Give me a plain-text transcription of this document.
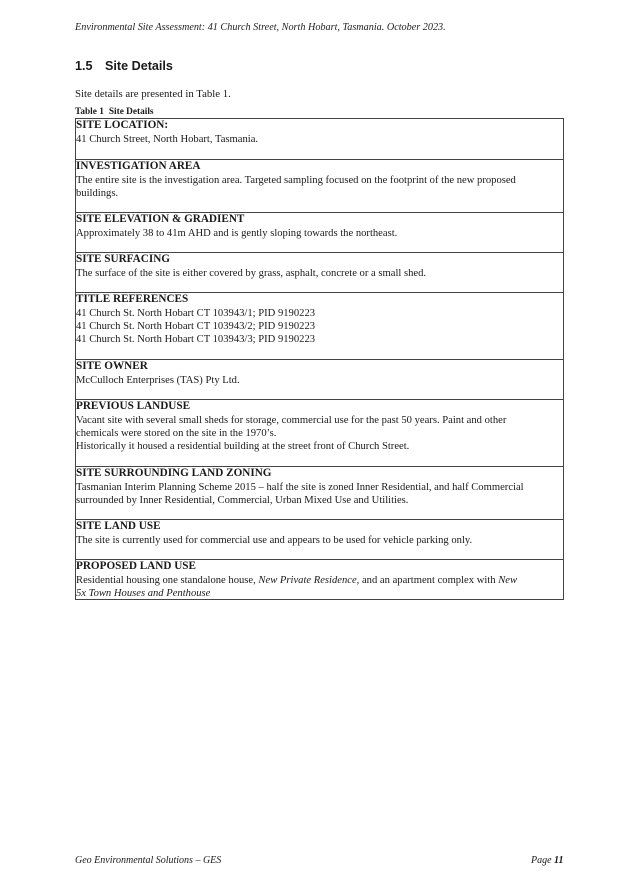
Environmental Site Assessment: 41 Church Street, North Hobart, Tasmania. October 2023.
1.5 Site Details
Site details are presented in Table 1.
Table 1 Site Details
SITE LOCATION:
41 Church Street, North Hobart, Tasmania.
INVESTIGATION AREA
The entire site is the investigation area. Targeted sampling focused on the footprint of the new proposed
buildings.
SITE ELEVATION & GRADIENT
Approximately 38 to 41m AHD and is gently sloping towards the northeast.
SITE SURFACING
The surface of the site is either covered by grass, asphalt, concrete or a small shed.
TITLE REFERENCES
41 Church St. North Hobart CT 103943/1; PID 9190223
41 Church St. North Hobart CT 103943/2; PID 9190223
41 Church St. North Hobart CT 103943/3; PID 9190223
SITE OWNER
McCulloch Enterprises (TAS) Pty Ltd.
PREVIOUS LANDUSE
Vacant site with several small sheds for storage, commercial use for the past 50 years. Paint and other
chemicals were stored on the site in the 1970’s.
Historically it housed a residential building at the street front of Church Street.
SITE SURROUNDING LAND ZONING
Tasmanian Interim Planning Scheme 2015 – half the site is zoned Inner Residential, and half Commercial
surrounded by Inner Residential, Commercial, Urban Mixed Use and Utilities.
SITE LAND USE
The site is currently used for commercial use and appears to be used for vehicle parking only.
PROPOSED LAND USE
Residential housing one standalone house, New Private Residence, and an apartment complex with New
5x Town Houses and Penthouse
Geo Environmental Solutions – GES	Page 11
